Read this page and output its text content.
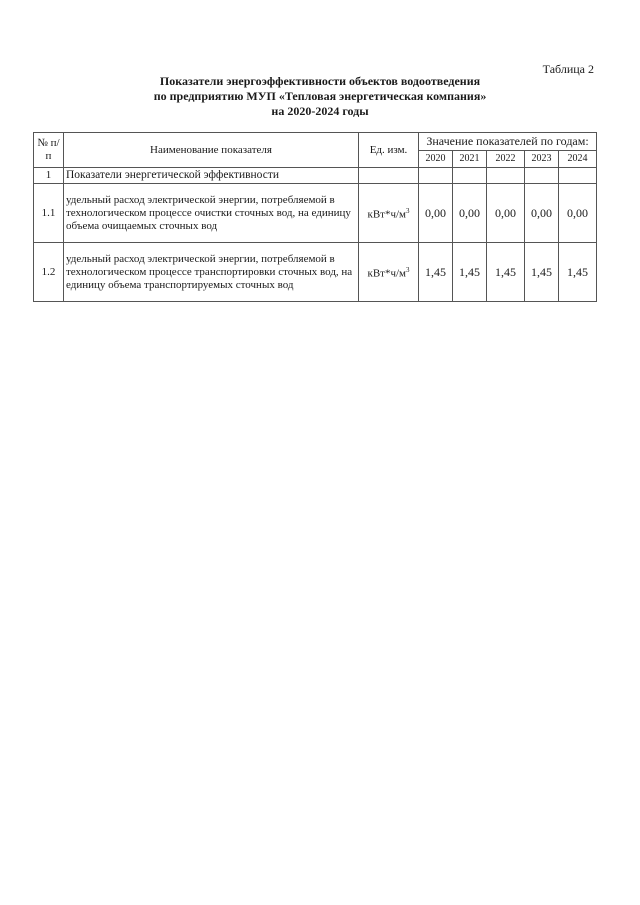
Таблица 2
Показатели энергоэффективности объектов водоотведения
по предприятию МУП «Тепловая энергетическая компания»
на 2020-2024 годы
№ п/п	Наименование показателя	Ед. изм.	Значение показателей по годам:				
			2020	2021	2022	2023	2024
1	Показатели энергетической эффективности						
1.1	удельный расход электрической энергии, потребляемой в технологическом процессе очистки сточных вод, на единицу объема очищаемых сточных вод	$кВт*ч/м^3$	0,00	0,00	0,00	0,00	0,00
1.2	удельный расход электрической энергии, потребляемой в технологическом процессе транспортировки сточных вод, на единицу объема транспортируемых сточных вод	$кВт*ч/м^3$	1,45	1,45	1,45	1,45	1,45
